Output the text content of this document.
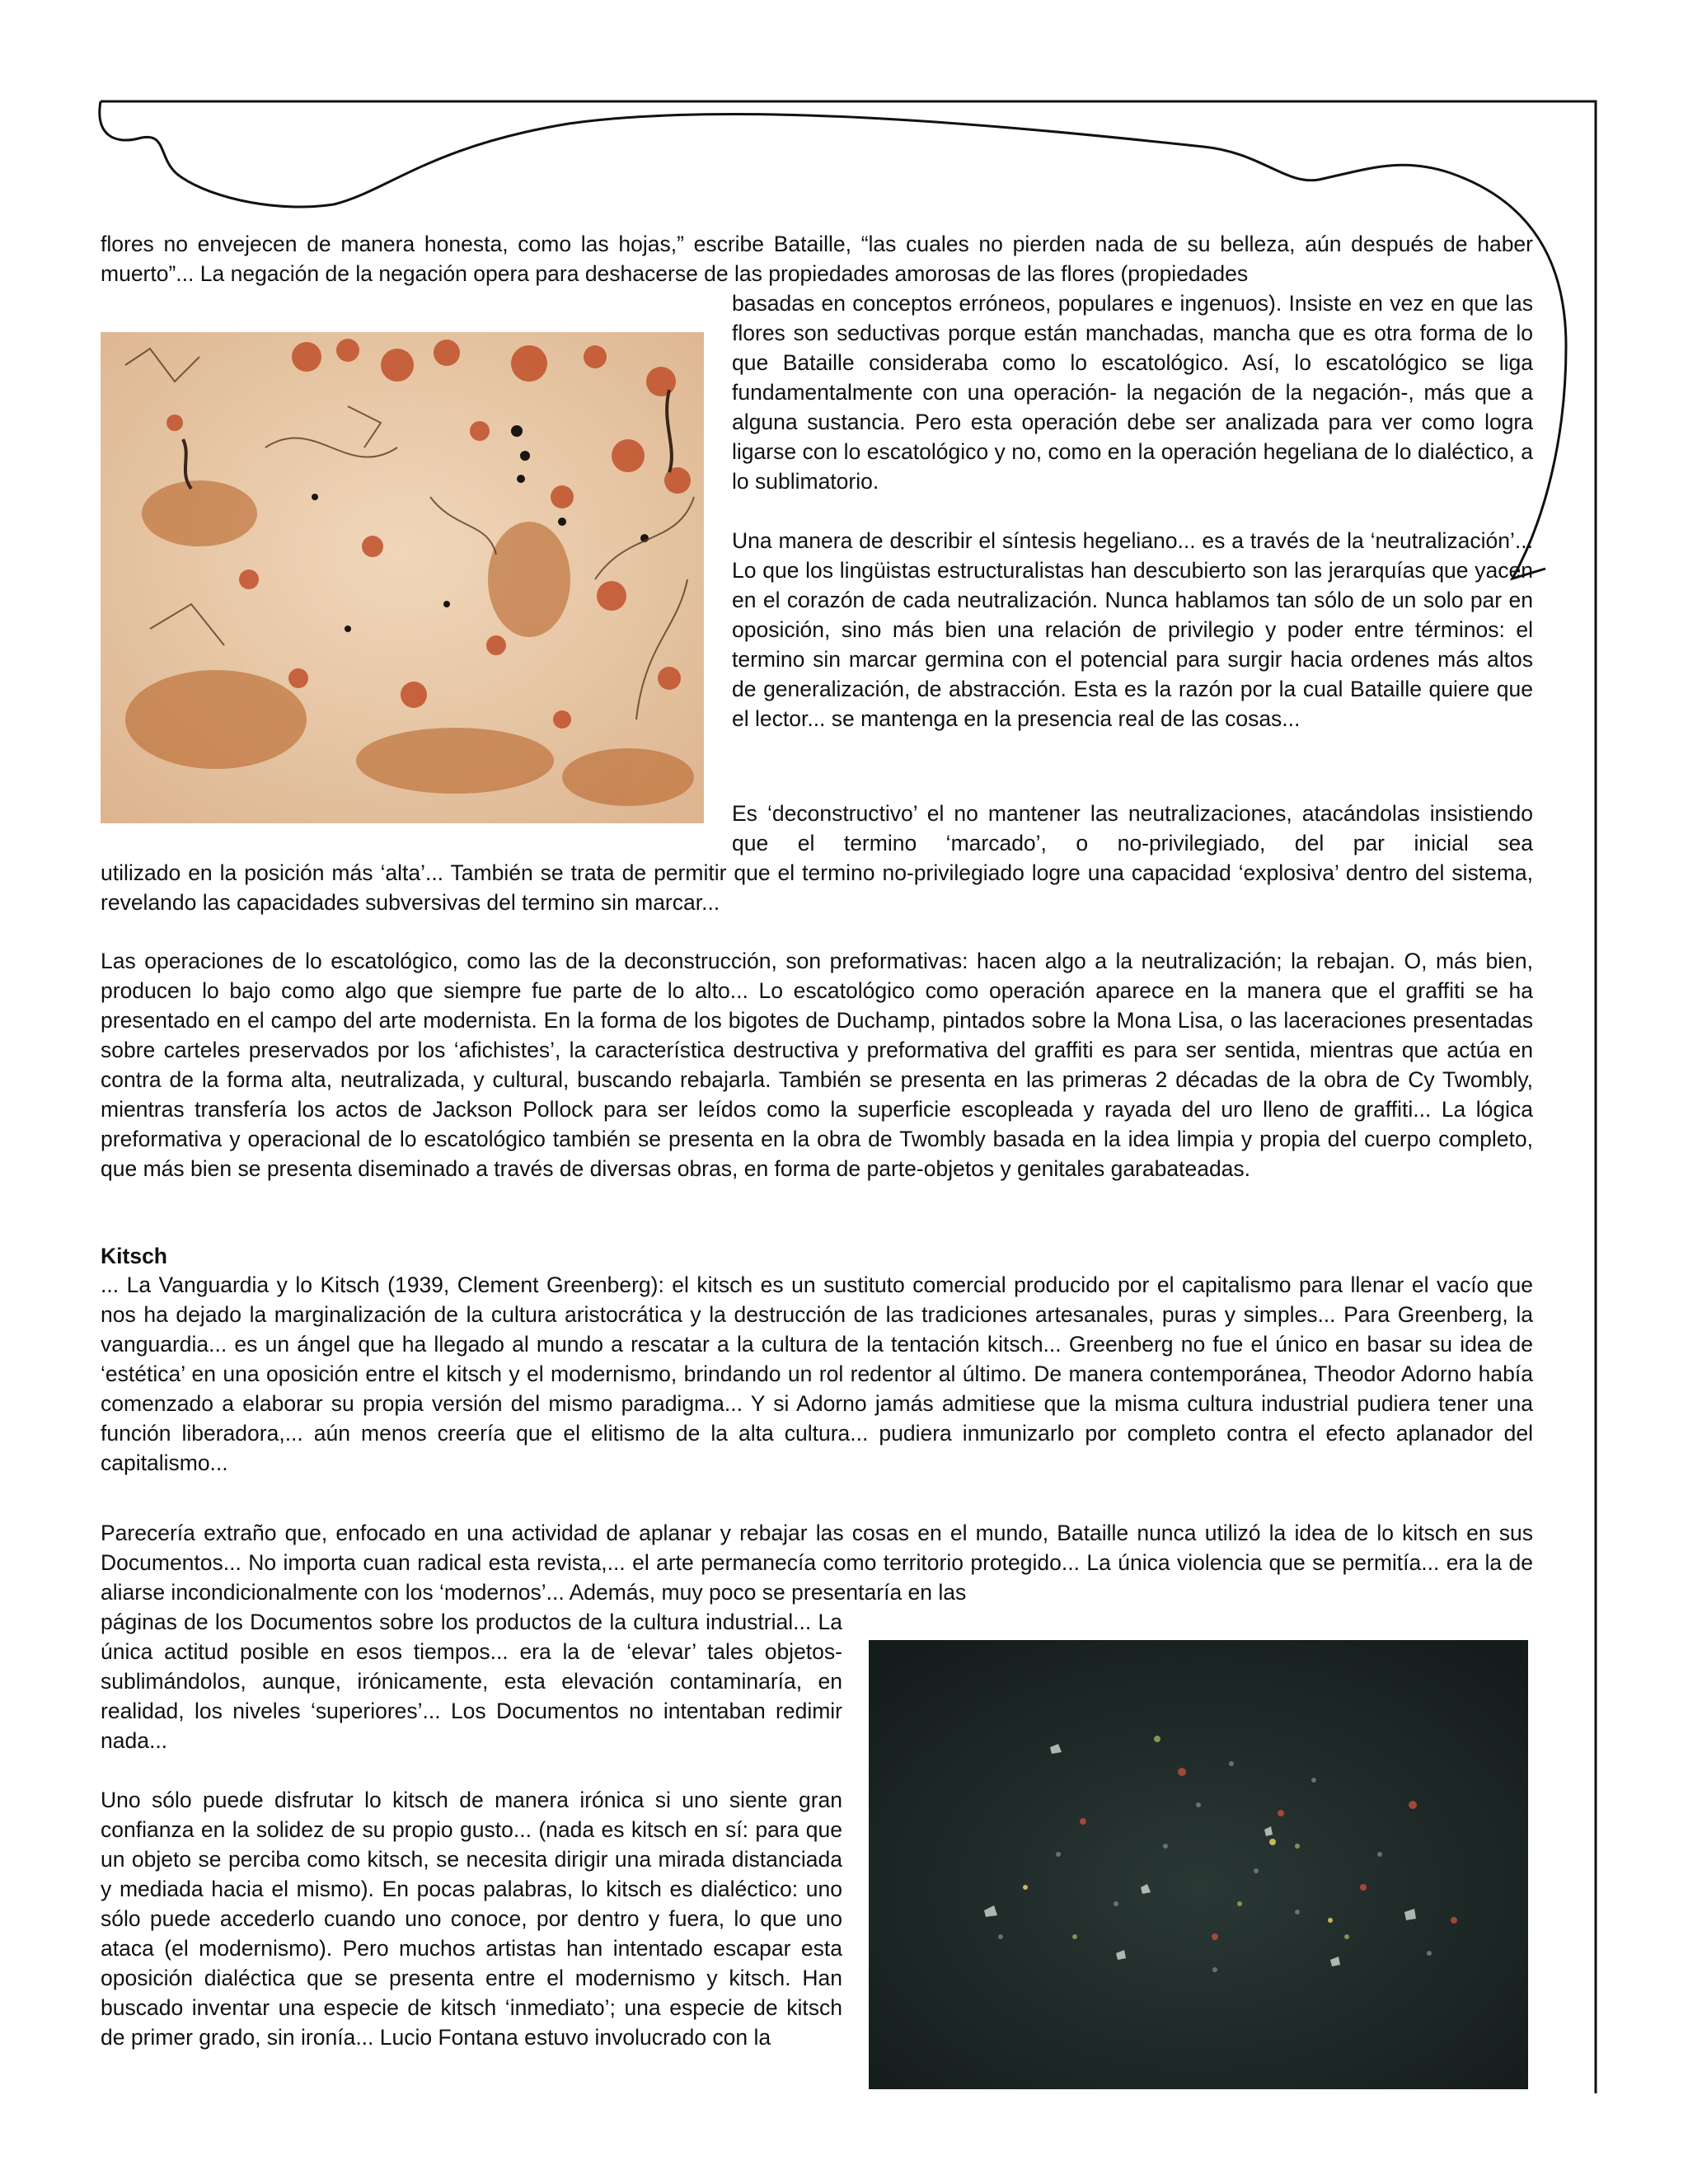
flores no envejecen de manera honesta, como las hojas,” escribe Bataille, “las cuales no pierden nada de su belleza, aún después de haber muerto”... La negación de la negación opera para deshacerse de las propiedades amorosas de las flores (propiedades

basadas en conceptos erróneos, populares e ingenuos). Insiste en vez en que las flores son seductivas porque están manchadas, mancha que es otra forma de lo que Bataille consideraba como lo escatológico. Así, lo escatológico se liga fundamentalmente con una operación- la negación de la negación-, más que a alguna sustancia. Pero esta operación debe ser analizada para ver como logra ligarse con lo escatológico y no, como en la operación hegeliana de lo dialéctico, a lo sublimatorio.

Una manera de describir el síntesis hegeliano... es a través de la ‘neutralización’... Lo que los lingüistas estructuralistas han descubierto son las jerarquías que yacen en el corazón de cada neutralización. Nunca hablamos tan sólo de un solo par en oposición, sino más bien una relación de privilegio y poder entre términos: el termino sin marcar germina con el potencial para surgir hacia ordenes más altos de generalización, de abstracción. Esta es la razón por la cual Bataille quiere que el lector... se mantenga en la presencia real de las cosas...

Es ‘deconstructivo’ el no mantener las neutralizaciones, atacándolas insistiendo que el termino ‘marcado’, o no-privilegiado, del par inicial sea

utilizado en la posición más ‘alta’... También se trata de permitir que el termino no-privilegiado logre una capacidad ‘explosiva’ dentro del sistema, revelando las capacidades subversivas del termino sin marcar...

Las operaciones de lo escatológico, como las de la deconstrucción, son preformativas: hacen algo a la neutralización; la rebajan. O, más bien, producen lo bajo como algo que siempre fue parte de lo alto... Lo escatológico como operación aparece en la manera que el graffiti se ha presentado en el campo del arte modernista. En la forma de los bigotes de Duchamp, pintados sobre la Mona Lisa, o las laceraciones presentadas sobre carteles preservados por los ‘afichistes’, la característica destructiva y preformativa del graffiti es para ser sentida, mientras que actúa en contra de la forma alta, neutralizada, y cultural, buscando rebajarla. También se presenta en las primeras 2 décadas de la obra de Cy Twombly, mientras transfería los actos de Jackson Pollock para ser leídos como la superficie escopleada y rayada del uro lleno de graffiti... La lógica preformativa y operacional de lo escatológico también se presenta en la obra de Twombly basada en la idea limpia y propia del cuerpo completo, que más bien se presenta diseminado a través de diversas obras, en forma de parte-objetos y genitales garabateadas.

Kitsch

... La Vanguardia y lo Kitsch (1939, Clement Greenberg): el kitsch es un sustituto comercial producido por el capitalismo para llenar el vacío que nos ha dejado la marginalización de la cultura aristocrática y la destrucción de las tradiciones artesanales, puras y simples... Para Greenberg, la vanguardia... es un ángel que ha llegado al mundo a rescatar a la cultura de la tentación kitsch... Greenberg no fue el único en basar su idea de ‘estética’ en una oposición entre el kitsch y el modernismo, brindando un rol redentor al último. De manera contemporánea, Theodor Adorno había comenzado a elaborar su propia versión del mismo paradigma... Y si Adorno jamás admitiese que la misma cultura industrial pudiera tener una función liberadora,... aún menos creería que el elitismo de la alta cultura... pudiera inmunizarlo por completo contra el efecto aplanador del capitalismo...

Parecería extraño que, enfocado en una actividad de aplanar y rebajar las cosas en el mundo, Bataille nunca utilizó la idea de lo kitsch en sus Documentos... No importa cuan radical esta revista,... el arte permanecía como territorio protegido... La única violencia que se permitía... era la de aliarse incondicionalmente con los ‘modernos’... Además, muy poco se presentaría en las

páginas de los Documentos sobre los productos de la cultura industrial... La única actitud posible en esos tiempos... era la de ‘elevar’ tales objetos- sublimándolos, aunque, irónicamente, esta elevación contaminaría, en realidad, los niveles ‘superiores’... Los Documentos no intentaban redimir nada...

Uno sólo puede disfrutar lo kitsch de manera irónica si uno siente gran confianza en la solidez de su propio gusto... (nada es kitsch en sí: para que un objeto se perciba como kitsch, se necesita dirigir una mirada distanciada y mediada hacia el mismo). En pocas palabras, lo kitsch es dialéctico: uno sólo puede accederlo cuando uno conoce, por dentro y fuera, lo que uno ataca (el modernismo). Pero muchos artistas han intentado escapar esta oposición dialéctica que se presenta entre el modernismo y kitsch. Han buscado inventar una especie de kitsch ‘inmediato’; una especie de kitsch de primer grado, sin ironía... Lucio Fontana estuvo involucrado con la
